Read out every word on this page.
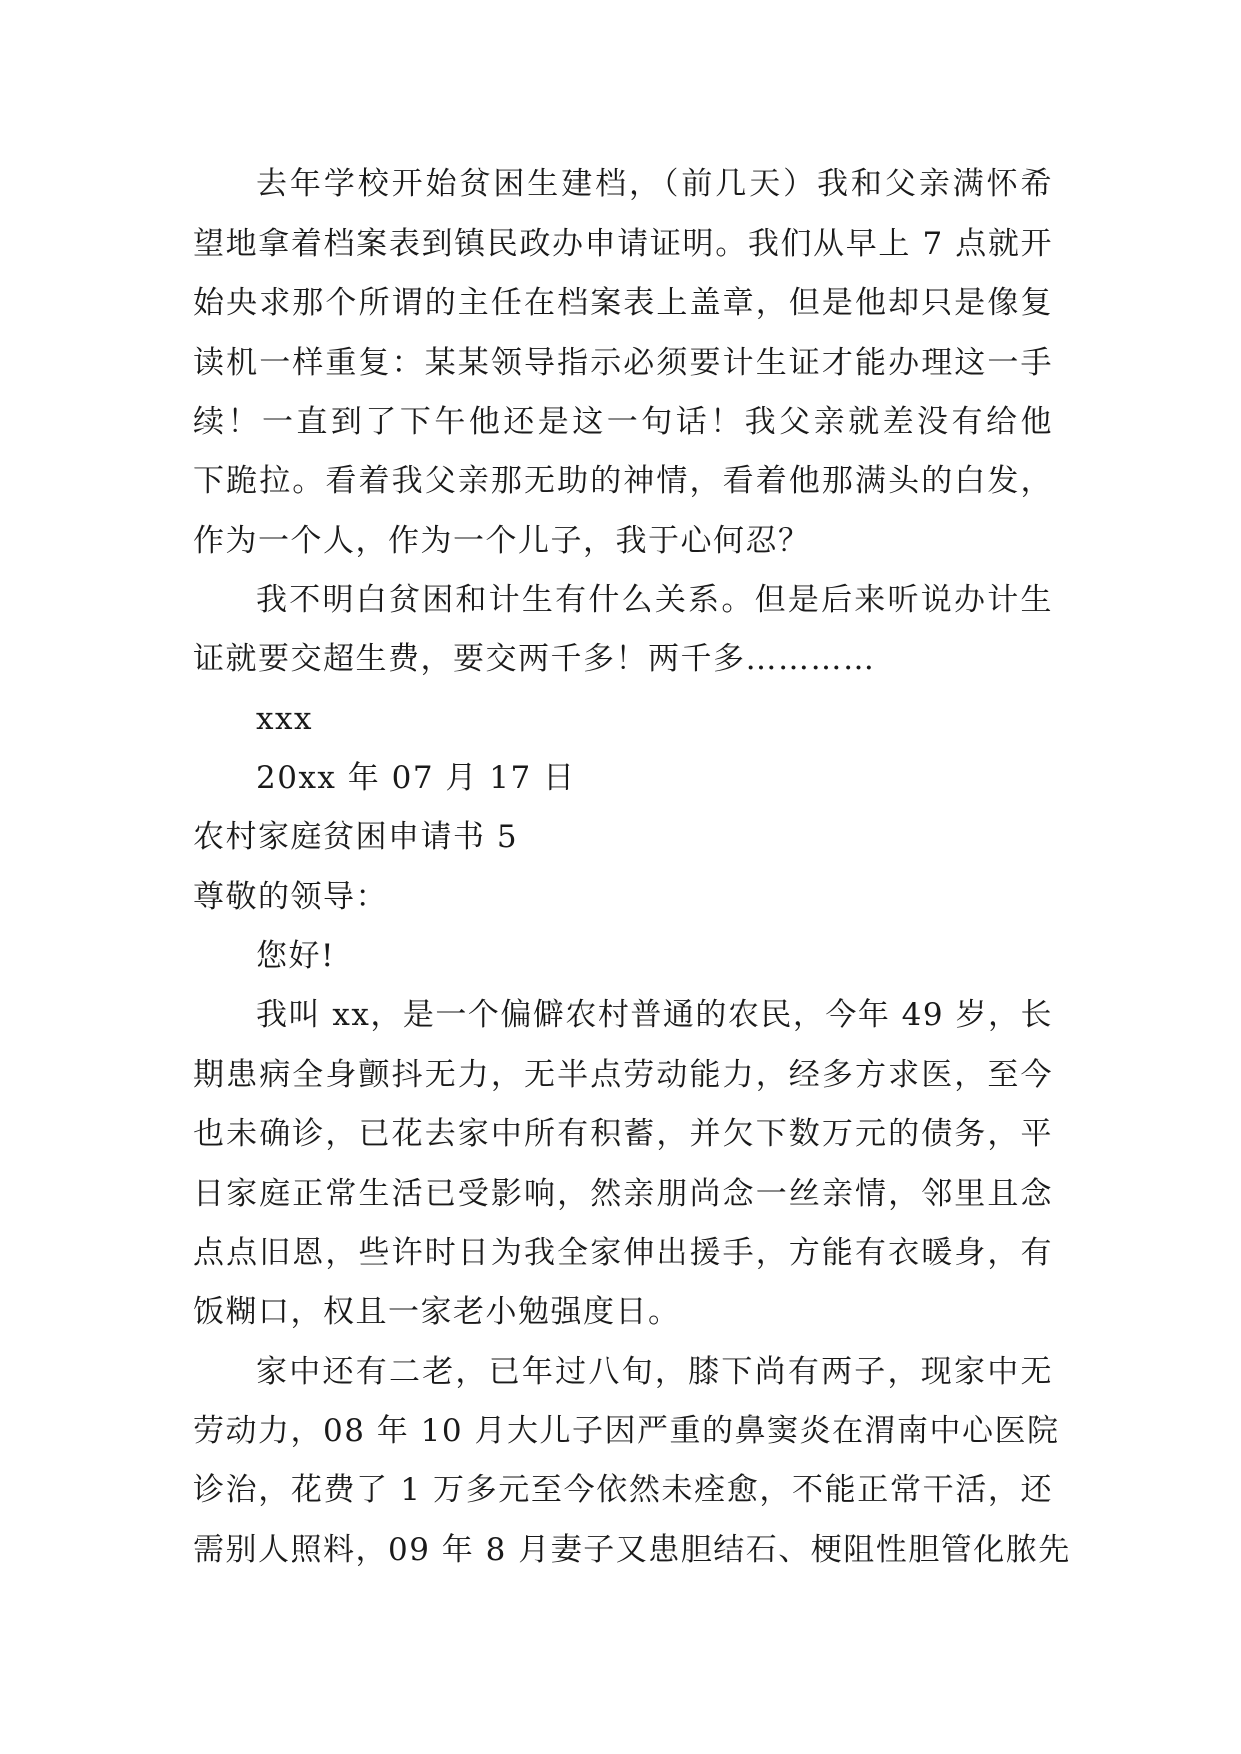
去年学校开始贫困生建档，（前几天）我和父亲满怀希

望地拿着档案表到镇民政办申请证明。我们从早上 7 点就开

始央求那个所谓的主任在档案表上盖章，但是他却只是像复

读机一样重复：某某领导指示必须要计生证才能办理这一手

续！一直到了下午他还是这一句话！我父亲就差没有给他

下跪拉。看着我父亲那无助的神情，看着他那满头的白发，

作为一个人，作为一个儿子，我于心何忍？

我不明白贫困和计生有什么关系。但是后来听说办计生

证就要交超生费，要交两千多！两千多…………

xxx

20xx 年 07 月 17 日

农村家庭贫困申请书 5

尊敬的领导：

您好!

我叫 xx，是一个偏僻农村普通的农民，今年 49 岁，长

期患病全身颤抖无力，无半点劳动能力，经多方求医，至今

也未确诊，已花去家中所有积蓄，并欠下数万元的债务，平

日家庭正常生活已受影响，然亲朋尚念一丝亲情，邻里且念

点点旧恩，些许时日为我全家伸出援手，方能有衣暖身，有

饭糊口，权且一家老小勉强度日。

家中还有二老，已年过八旬，膝下尚有两子，现家中无

劳动力，08 年 10 月大儿子因严重的鼻窦炎在渭南中心医院

诊治，花费了 1 万多元至今依然未痊愈，不能正常干活，还

需别人照料，09 年 8 月妻子又患胆结石、梗阻性胆管化脓先
